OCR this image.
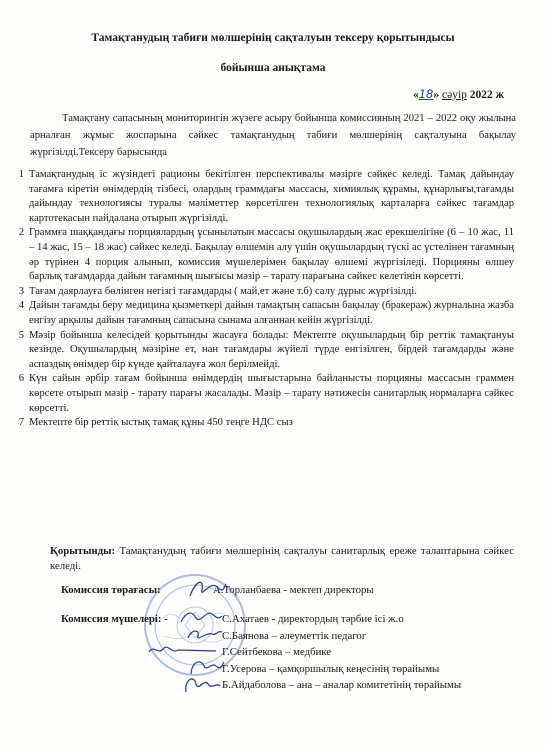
Тамақтанудың табиғи мөлшерінің сақталуын тексеру қорытындысы
бойынша анықтама
«18» сәуір 2022 ж
Тамақтану сапасының мониторингін жүзеге асыру бойынша комиссияның 2021 – 2022 оқу жылына арналған жұмыс жоспарына сәйкес тамақтанудың табиғи мөлшерінің сақталуына бақылау жүргізілді.Тексеру барысында
1 Тамақтанудың іс жүзіндегі рационы бекітілген перспективалы мәзірге сәйкес келеді. Тамақ дайындау тағамға кіретін өнімдердің тізбесі, олардың граммдағы массасы, химиялық құрамы, құнарлығы,тағамды дайындау технологиясы туралы мәліметтер көрсетілген технологиялық карталарға сәйкес тағамдар картотекасын пайдалана отырып жүргізілді.
2 Граммға шаққандағы порциялардың ұсынылатын массасы оқушылардың жас ерекшелігіне (6 – 10 жас, 11 – 14 жас, 15 – 18 жас) сәйкес келеді. Бақылау өлшемін алу үшін оқушылардың түскі ас үстелінен тағамның әр түрінен 4 порция алынып, комиссия мүшелерімен бақылау өлшемі жүргізіледі. Порцияны өлшеу барлық тағамдарда дайын тағамның шығысы мәзір – тарату парағына сәйкес келетінін көрсетті.
3 Тағам даярлауға бөлінген негізгі тағамдарды ( май,ет және т.б) салу дұрыс жүргізілді.
4 Дайын тағамды беру медицина қызметкері дайын тамақтың сапасын бақылау (бракераж) журналына жазба енгізу арқылы дайын тағамның сапасына сынама алғаннан кейін жүргізілді.
5 Мәзір бойынша келесідей қорытынды жасауға болады: Мектепте оқушылардың бір реттік тамақтануы кезінде. Оқушылардың мәзіріне ет, нан тағамдары жүйелі түрде енгізілген, бірдей тағамдарды және аспаздық өнімдер бір күнде қайталауға жол берілмейді.
6 Күн сайын әрбір тағам бойынша өнімдердің шығыстарына байланысты порцияны массасын граммен көрсете отырып мәзір - тарату парағы жасалады. Мәзір – тарату нәтижесін санитарлық нормаларға сәйкес көрсетті.
7 Мектепте бір реттік ыстық тамақ құны 450 теңге НДС сыз
Қорытынды: Тамақтанудың табиғи мөлшерінің сақталуы санитарлық ереже талаптарына сәйкес келеді.
Комиссия төрағасы:	А.Торланбаева - мектеп директоры
Комиссия мүшелері: -	С.Ахатаев - директордың тәрбие ісі ж.о
С.Баянова – әлеуметтік педагог
Г.Сейтбекова – медбике
Г.Усерова – қамқоршылық кеңесінің төрайымы
Б.Айдаболова – ана – аналар комитетінің төрайымы
